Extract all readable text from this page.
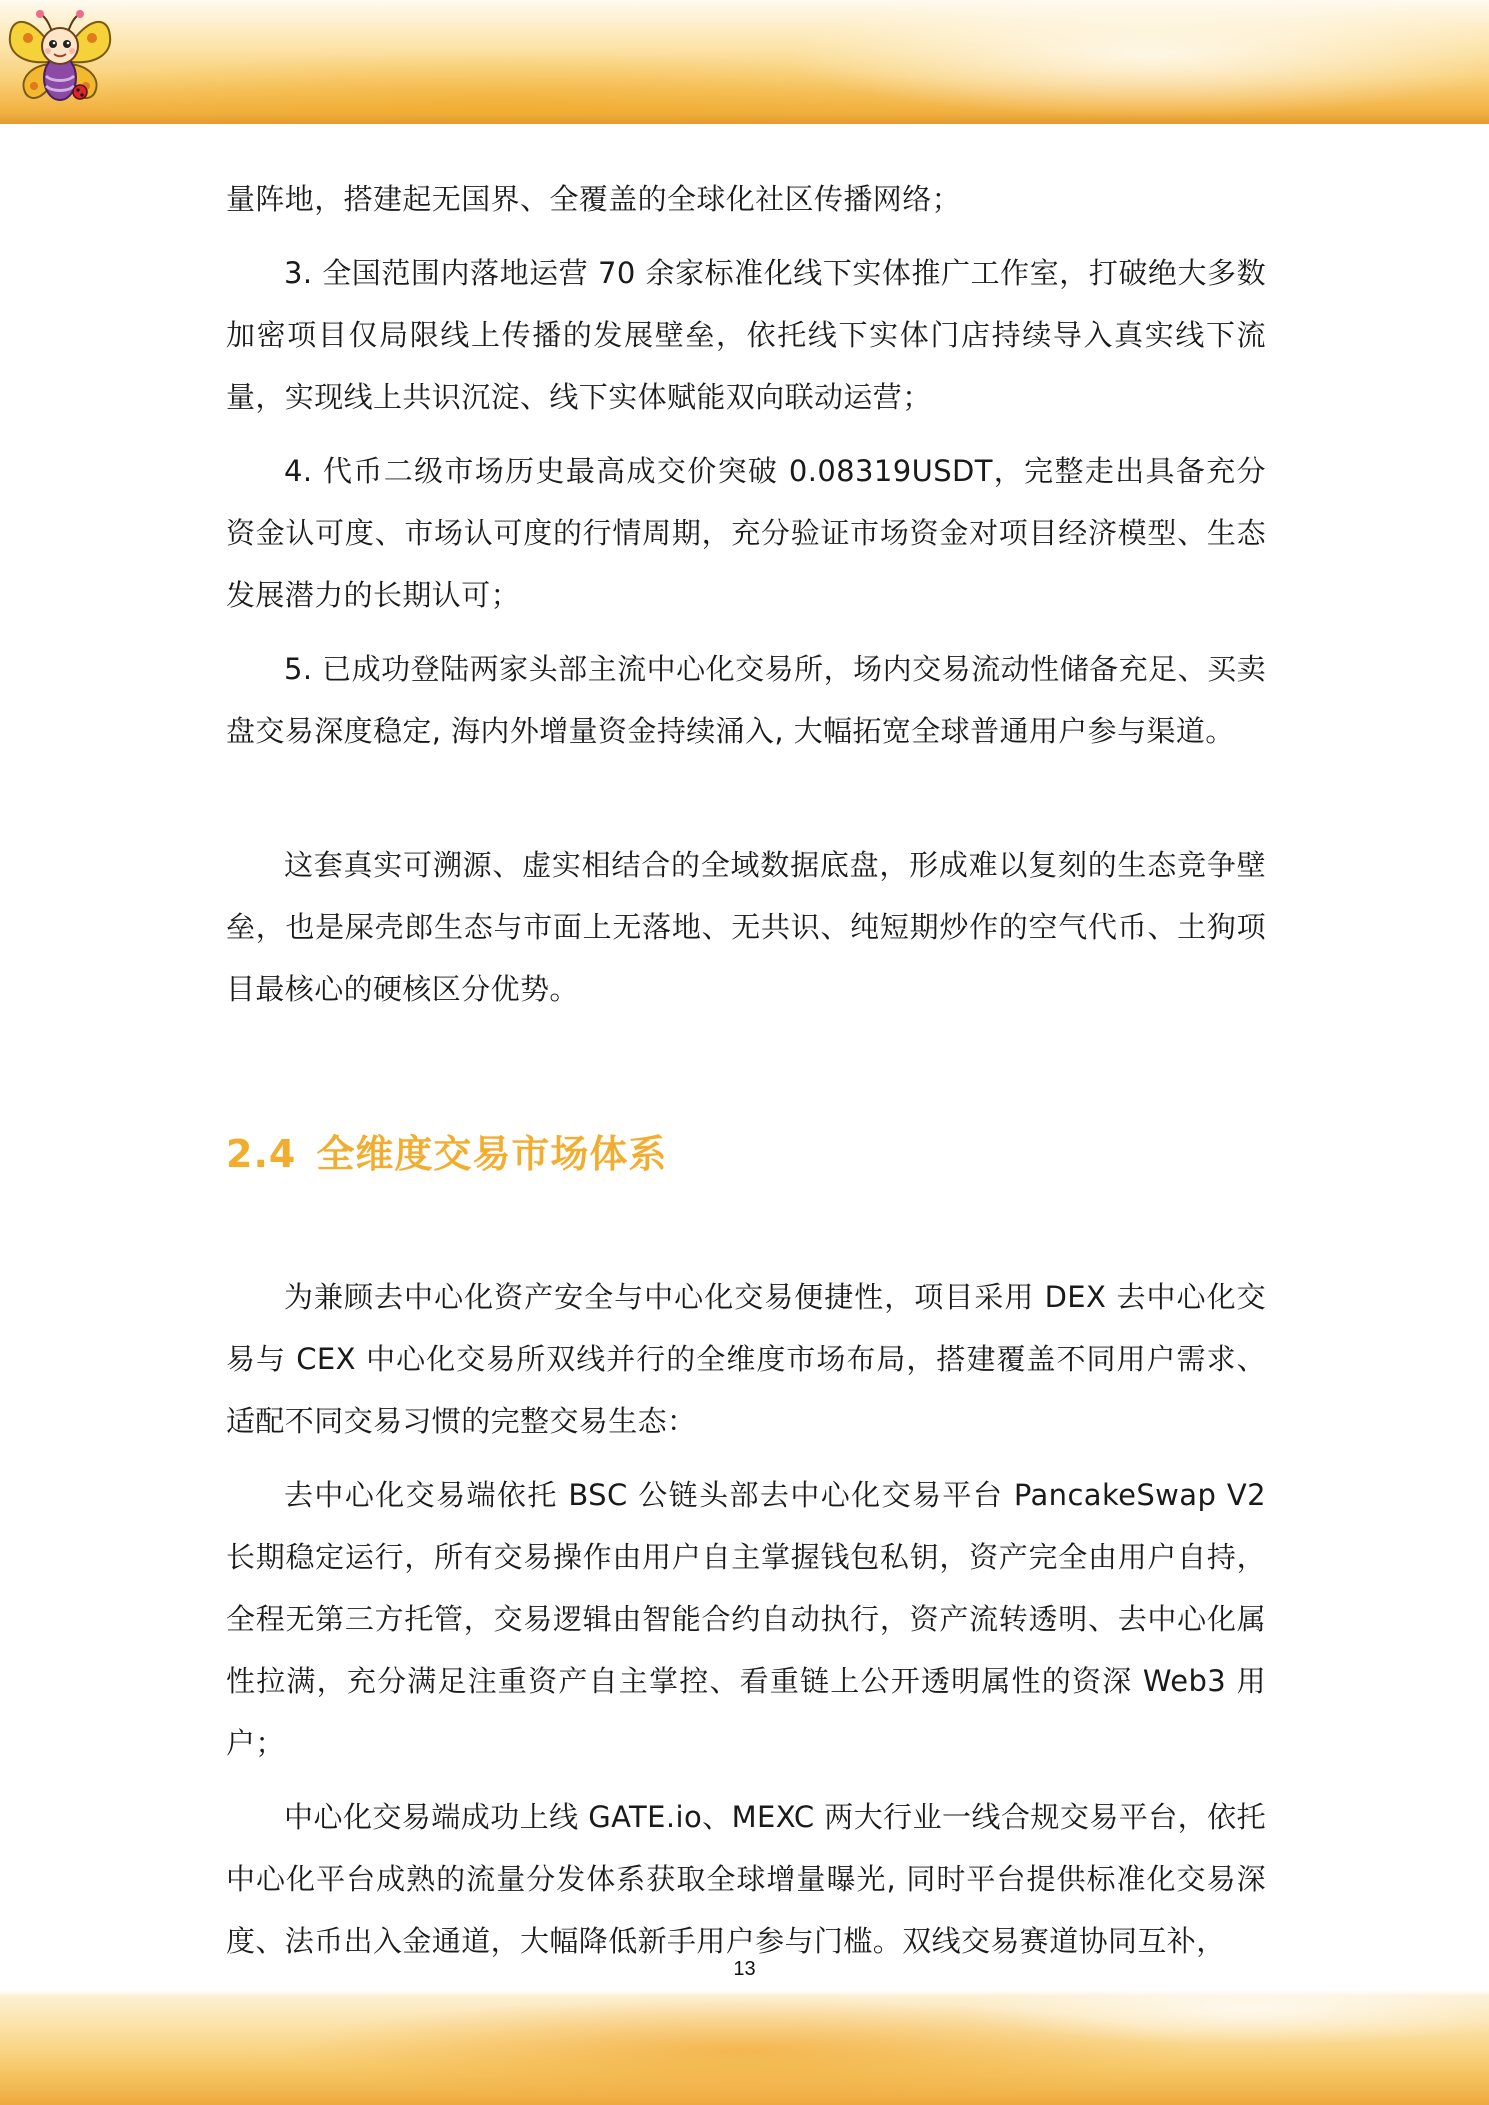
量阵地，搭建起无国界、全覆盖的全球化社区传播网络；

3. 全国范围内落地运营 70 余家标准化线下实体推广工作室，打破绝大多数加密项目仅局限线上传播的发展壁垒，依托线下实体门店持续导入真实线下流量，实现线上共识沉淀、线下实体赋能双向联动运营；

4. 代币二级市场历史最高成交价突破 0.08319USDT，完整走出具备充分资金认可度、市场认可度的行情周期，充分验证市场资金对项目经济模型、生态发展潜力的长期认可；

5. 已成功登陆两家头部主流中心化交易所，场内交易流动性储备充足、买卖盘交易深度稳定, 海内外增量资金持续涌入, 大幅拓宽全球普通用户参与渠道。

这套真实可溯源、虚实相结合的全域数据底盘，形成难以复刻的生态竞争壁垒，也是屎壳郎生态与市面上无落地、无共识、纯短期炒作的空气代币、土狗项目最核心的硬核区分优势。

2.4 全维度交易市场体系

为兼顾去中心化资产安全与中心化交易便捷性，项目采用 DEX 去中心化交易与 CEX 中心化交易所双线并行的全维度市场布局，搭建覆盖不同用户需求、适配不同交易习惯的完整交易生态：

去中心化交易端依托 BSC 公链头部去中心化交易平台 PancakeSwap V2 长期稳定运行，所有交易操作由用户自主掌握钱包私钥，资产完全由用户自持，全程无第三方托管，交易逻辑由智能合约自动执行，资产流转透明、去中心化属性拉满，充分满足注重资产自主掌控、看重链上公开透明属性的资深 Web3 用户；

中心化交易端成功上线 GATE.io、MEXC 两大行业一线合规交易平台，依托中心化平台成熟的流量分发体系获取全球增量曝光, 同时平台提供标准化交易深度、法币出入金通道，大幅降低新手用户参与门槛。双线交易赛道协同互补，

13
